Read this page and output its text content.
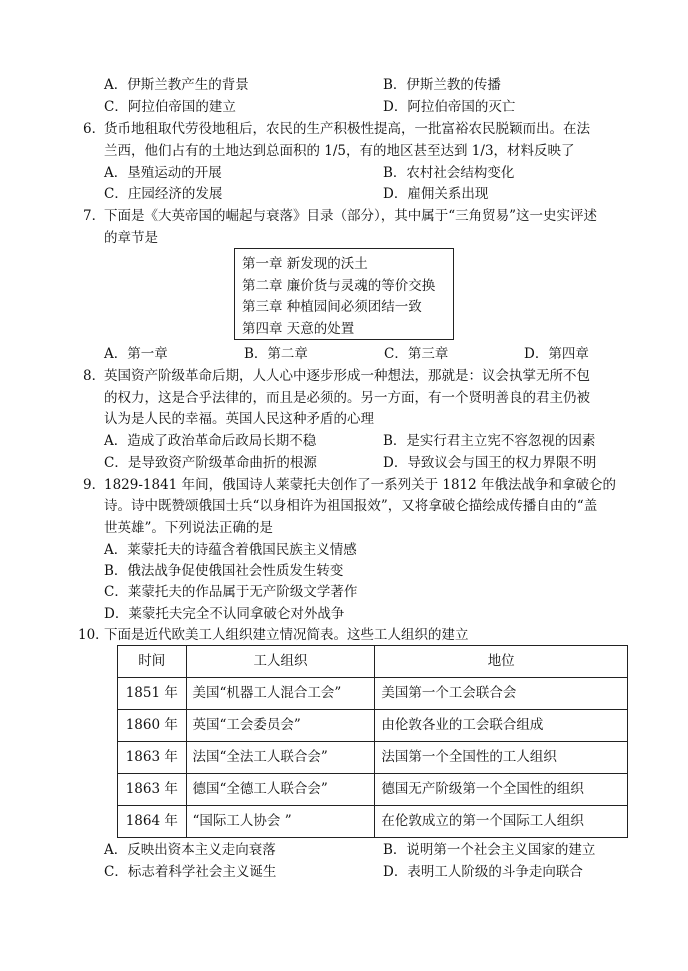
A．伊斯兰教产生的背景	B．伊斯兰教的传播
C．阿拉伯帝国的建立	D．阿拉伯帝国的灭亡
6．
货币地租取代劳役地租后，农民的生产积极性提高，一批富裕农民脱颖而出。在法
兰西，他们占有的土地达到总面积的 1/5，有的地区甚至达到 1/3，材料反映了
A．垦殖运动的开展	B．农村社会结构变化
C．庄园经济的发展	D．雇佣关系出现
7．
下面是《大英帝国的崛起与衰落》目录（部分），其中属于“三角贸易”这一史实评述
的章节是
第一章 新发现的沃土
第二章 廉价货与灵魂的等价交换
第三章 种植园间必须团结一致
第四章 天意的处置
A．第一章	B．第二章	C．第三章	D．第四章
8．
英国资产阶级革命后期，人人心中逐步形成一种想法，那就是：议会执掌无所不包
的权力，这是合乎法律的，而且是必须的。另一方面，有一个贤明善良的君主仍被
认为是人民的幸福。英国人民这种矛盾的心理
A．造成了政治革命后政局长期不稳	B．是实行君主立宪不容忽视的因素
C．是导致资产阶级革命曲折的根源	D．导致议会与国王的权力界限不明
9．
1829-1841 年间，俄国诗人莱蒙托夫创作了一系列关于 1812 年俄法战争和拿破仑的
诗。诗中既赞颂俄国士兵“以身相许为祖国报效”，又将拿破仑描绘成传播自由的“盖
世英雄”。下列说法正确的是
A．莱蒙托夫的诗蕴含着俄国民族主义情感
B．俄法战争促使俄国社会性质发生转变
C．莱蒙托夫的作品属于无产阶级文学著作
D．莱蒙托夫完全不认同拿破仑对外战争
10．
下面是近代欧美工人组织建立情况简表。这些工人组织的建立
时间	工人组织	地位
1851 年	美国“机器工人混合工会”	美国第一个工会联合会
1860 年	英国“工会委员会”	由伦敦各业的工会联合组成
1863 年	法国“全法工人联合会”	法国第一个全国性的工人组织
1863 年	德国“全德工人联合会”	德国无产阶级第一个全国性的组织
1864 年	“国际工人协会 ”	在伦敦成立的第一个国际工人组织
A．反映出资本主义走向衰落	B．说明第一个社会主义国家的建立
C．标志着科学社会主义诞生	D．表明工人阶级的斗争走向联合
